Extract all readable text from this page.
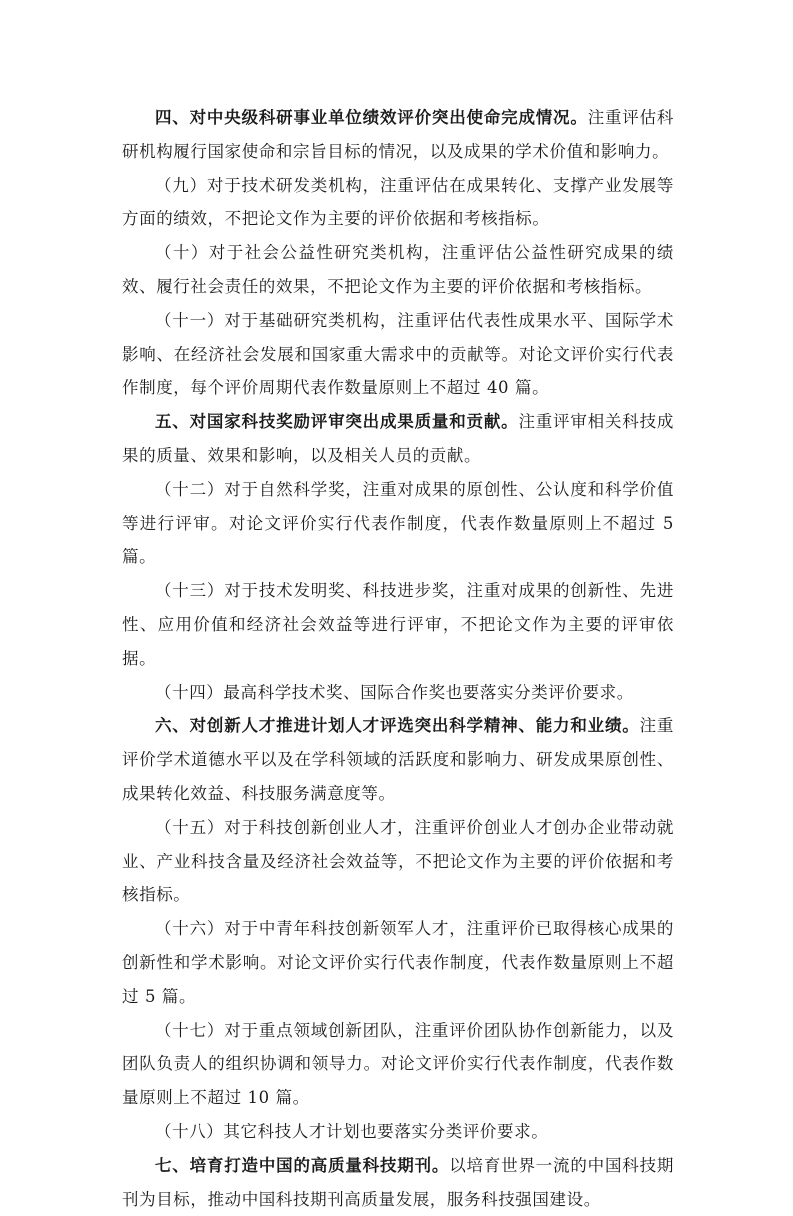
四、对中央级科研事业单位绩效评价突出使命完成情况。注重评估科研机构履行国家使命和宗旨目标的情况，以及成果的学术价值和影响力。

（九）对于技术研发类机构，注重评估在成果转化、支撑产业发展等方面的绩效，不把论文作为主要的评价依据和考核指标。

（十）对于社会公益性研究类机构，注重评估公益性研究成果的绩效、履行社会责任的效果，不把论文作为主要的评价依据和考核指标。

（十一）对于基础研究类机构，注重评估代表性成果水平、国际学术影响、在经济社会发展和国家重大需求中的贡献等。对论文评价实行代表作制度，每个评价周期代表作数量原则上不超过 40 篇。

五、对国家科技奖励评审突出成果质量和贡献。注重评审相关科技成果的质量、效果和影响，以及相关人员的贡献。

（十二）对于自然科学奖，注重对成果的原创性、公认度和科学价值等进行评审。对论文评价实行代表作制度，代表作数量原则上不超过 5 篇。

（十三）对于技术发明奖、科技进步奖，注重对成果的创新性、先进性、应用价值和经济社会效益等进行评审，不把论文作为主要的评审依据。

（十四）最高科学技术奖、国际合作奖也要落实分类评价要求。

六、对创新人才推进计划人才评选突出科学精神、能力和业绩。注重评价学术道德水平以及在学科领域的活跃度和影响力、研发成果原创性、成果转化效益、科技服务满意度等。

（十五）对于科技创新创业人才，注重评价创业人才创办企业带动就业、产业科技含量及经济社会效益等，不把论文作为主要的评价依据和考核指标。

（十六）对于中青年科技创新领军人才，注重评价已取得核心成果的创新性和学术影响。对论文评价实行代表作制度，代表作数量原则上不超过 5 篇。

（十七）对于重点领域创新团队，注重评价团队协作创新能力，以及团队负责人的组织协调和领导力。对论文评价实行代表作制度，代表作数量原则上不超过 10 篇。

（十八）其它科技人才计划也要落实分类评价要求。

七、培育打造中国的高质量科技期刊。以培育世界一流的中国科技期刊为目标，推动中国科技期刊高质量发展，服务科技强国建设。
